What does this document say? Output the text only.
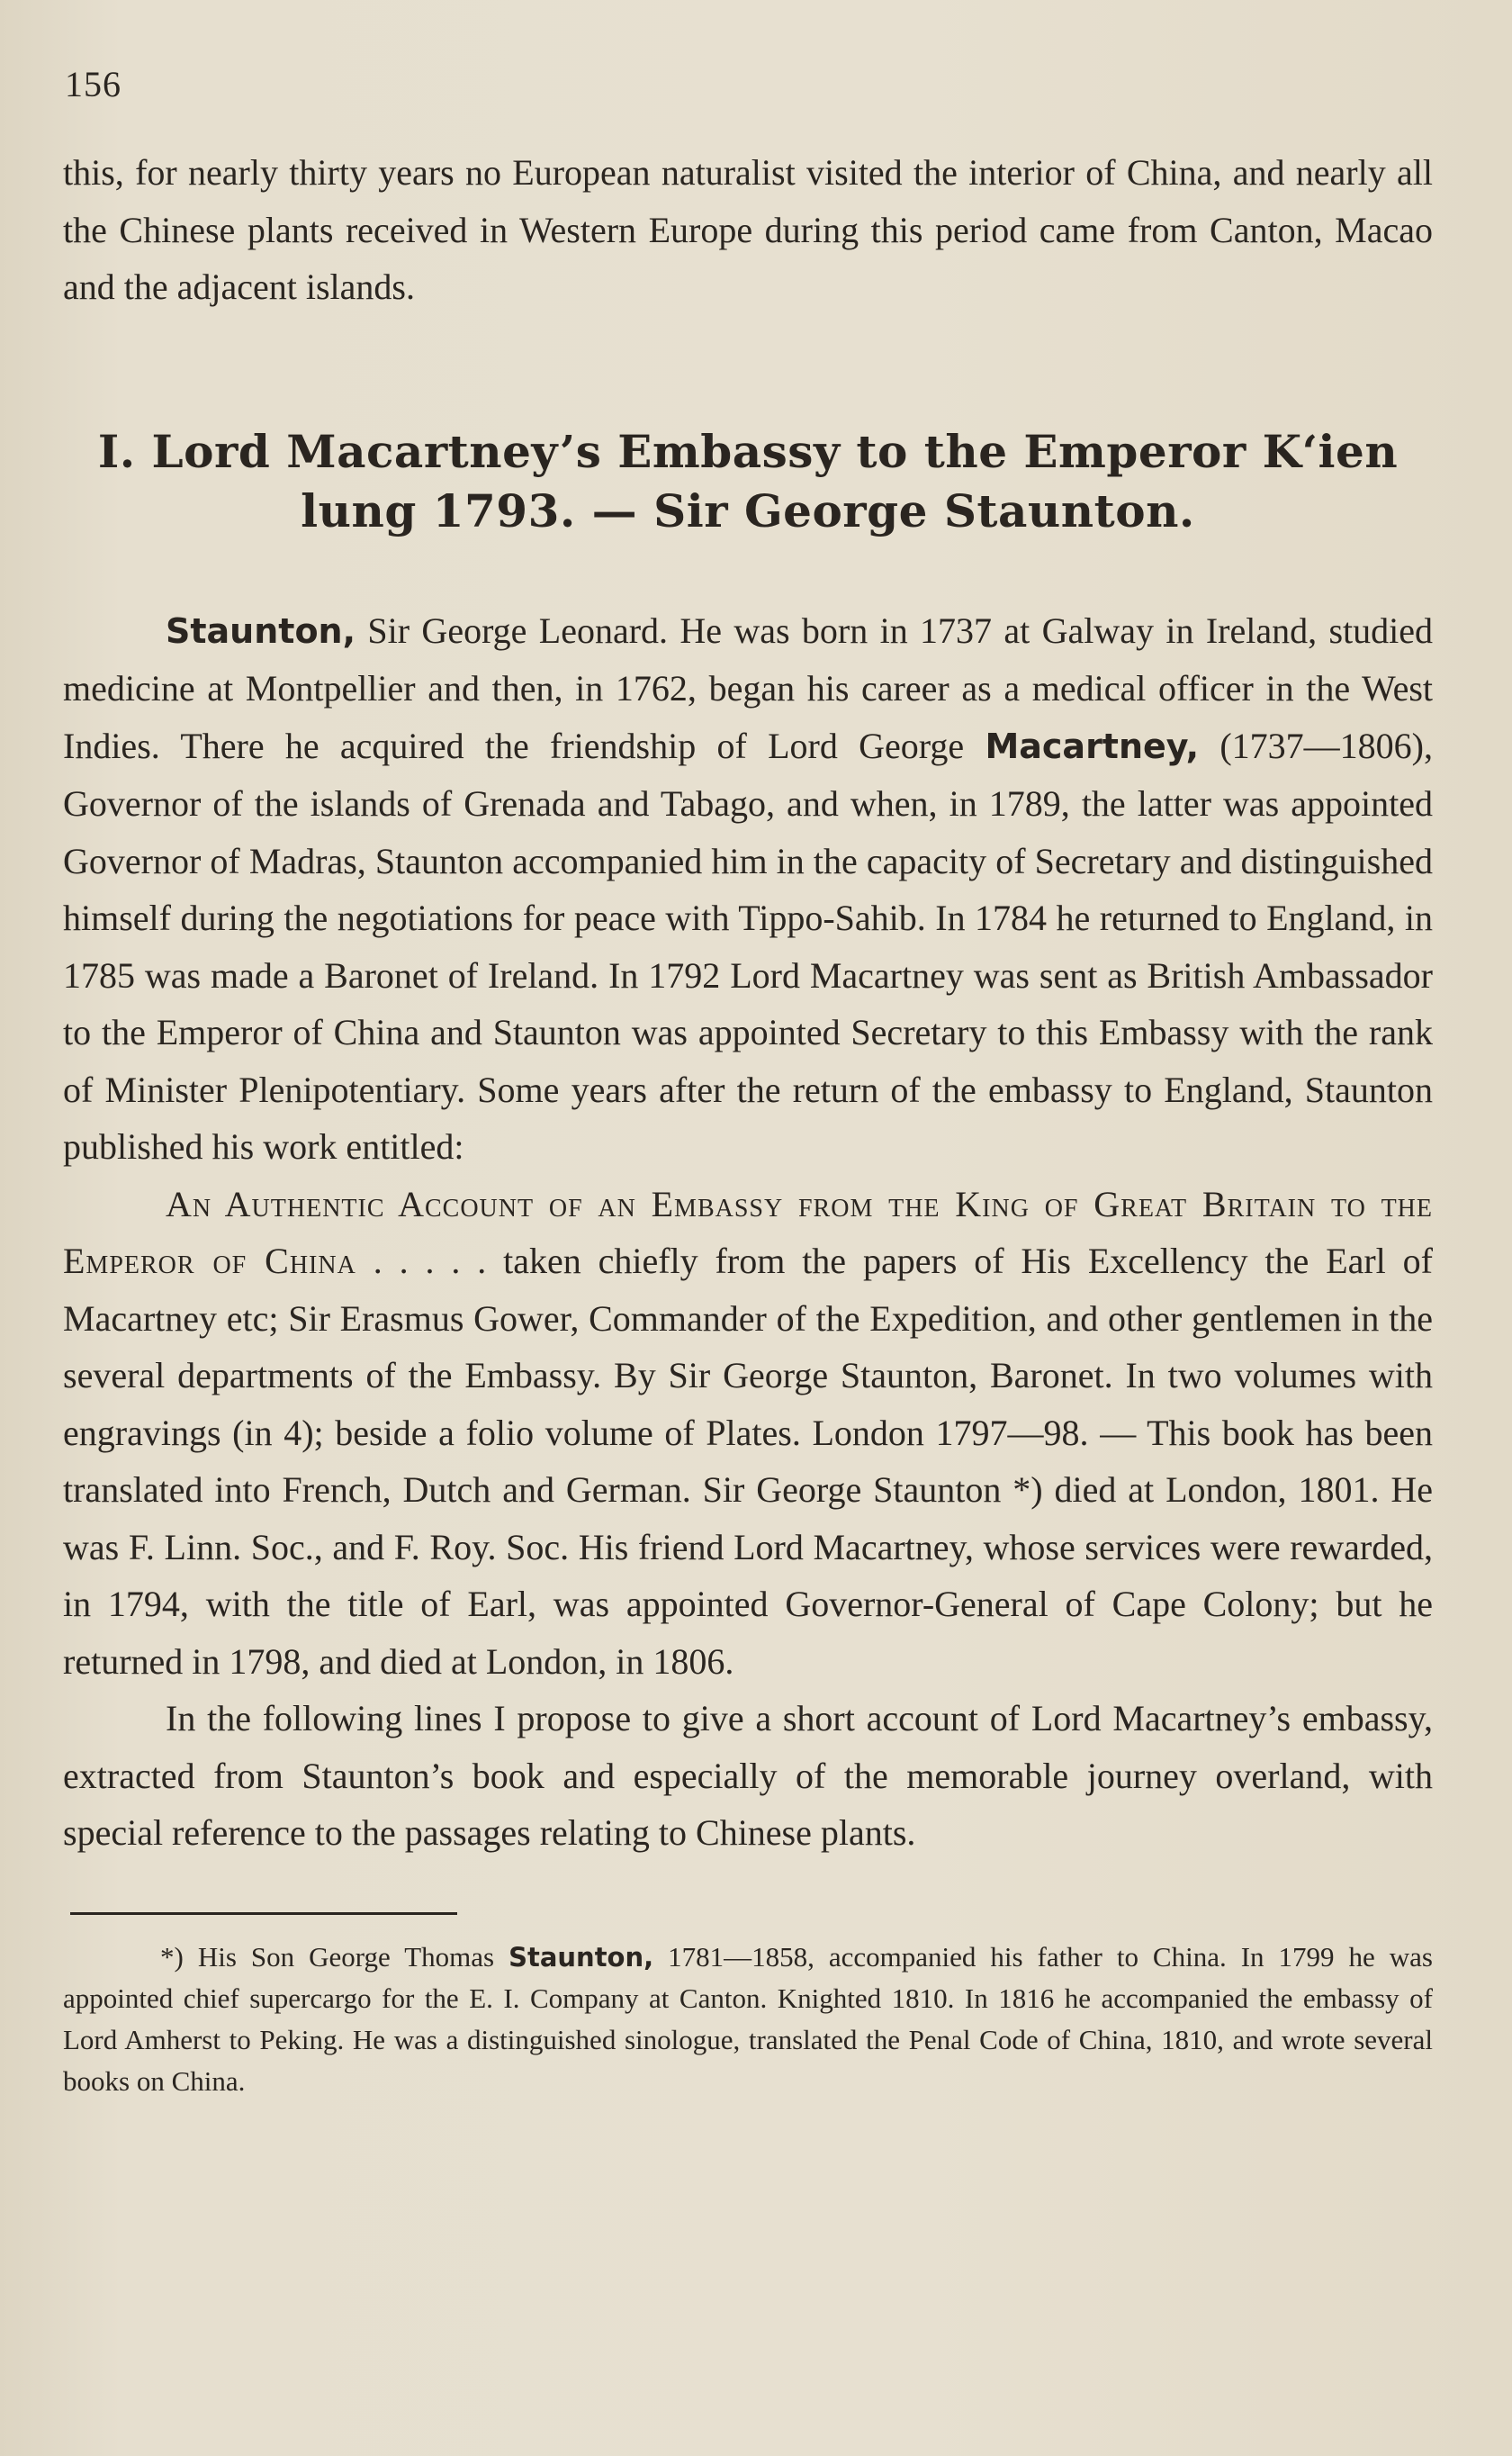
156

this, for nearly thirty years no European naturalist visited the interior of China, and nearly all the Chinese plants received in Western Europe during this period came from Canton, Macao and the adjacent islands.

I. Lord Macartney’s Embassy to the Emperor K‘ien
lung 1793. — Sir George Staunton.

Staunton, Sir George Leonard. He was born in 1737 at Galway in Ireland, studied medicine at Montpellier and then, in 1762, began his career as a medical officer in the West Indies. There he acquired the friendship of Lord George Macartney, (1737—1806), Governor of the islands of Grenada and Tabago, and when, in 1789, the latter was appointed Governor of Madras, Staunton accompanied him in the capacity of Secretary and distinguished himself during the negotiations for peace with Tippo-Sahib. In 1784 he returned to England, in 1785 was made a Baronet of Ireland. In 1792 Lord Macartney was sent as British Ambassador to the Emperor of China and Staunton was appointed Secretary to this Embassy with the rank of Minister Plenipotentiary. Some years after the return of the embassy to England, Staunton published his work entitled:

An Authentic Account of an Embassy from the King of Great Britain to the Emperor of China . . . . . taken chiefly from the papers of His Excellency the Earl of Macartney etc; Sir Erasmus Gower, Commander of the Expedition, and other gentlemen in the several departments of the Embassy. By Sir George Staunton, Baronet. In two volumes with engravings (in 4); beside a folio volume of Plates. London 1797—98. — This book has been translated into French, Dutch and German. Sir George Staunton *) died at London, 1801. He was F. Linn. Soc., and F. Roy. Soc. His friend Lord Macartney, whose services were rewarded, in 1794, with the title of Earl, was appointed Governor-General of Cape Colony; but he returned in 1798, and died at London, in 1806.

In the following lines I propose to give a short account of Lord Macartney’s embassy, extracted from Staunton’s book and especially of the memorable journey overland, with special reference to the passages relating to Chinese plants.

*) His Son George Thomas Staunton, 1781—1858, accompanied his father to China. In 1799 he was appointed chief supercargo for the E. I. Company at Canton. Knighted 1810. In 1816 he accompanied the embassy of Lord Amherst to Peking. He was a distinguished sinologue, translated the Penal Code of China, 1810, and wrote several books on China.
